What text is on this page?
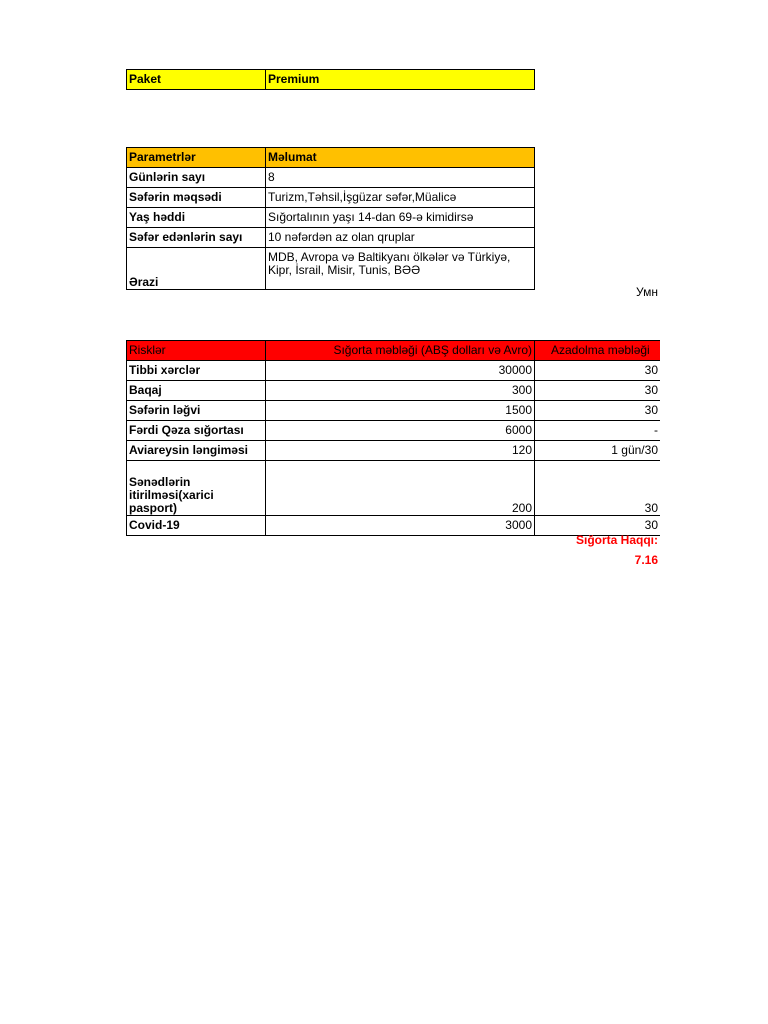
Paket	Premium
Parametrlər	Məlumat
Günlərin sayı	8
Səfərin məqsədi	Turizm,Təhsil,İşgüzar səfər,Müalicə
Yaş həddi	Sığortalının yaşı 14-dan 69-ə kimidirsə
Səfər edənlərin sayı	10 nəfərdən az olan qruplar
Ərazi	MDB, Avropa və Baltikyanı ölkələr və Türkiyə, Kipr, İsrail, Misir, Tunis, BƏƏ
Умн
Risklər	Sığorta məbləği (ABŞ dolları və Avro)	Azadolma məbləği
Tibbi xərclər	30000	30
Baqaj	300	30
Səfərin ləğvi	1500	30
Fərdi Qəza sığortası	6000	-
Aviareysin ləngiməsi	120	1 gün/30
Sənədlərin itirilməsi(xarici pasport)	200	30
Covid-19	3000	30
Sığorta Haqqı:
7.16
